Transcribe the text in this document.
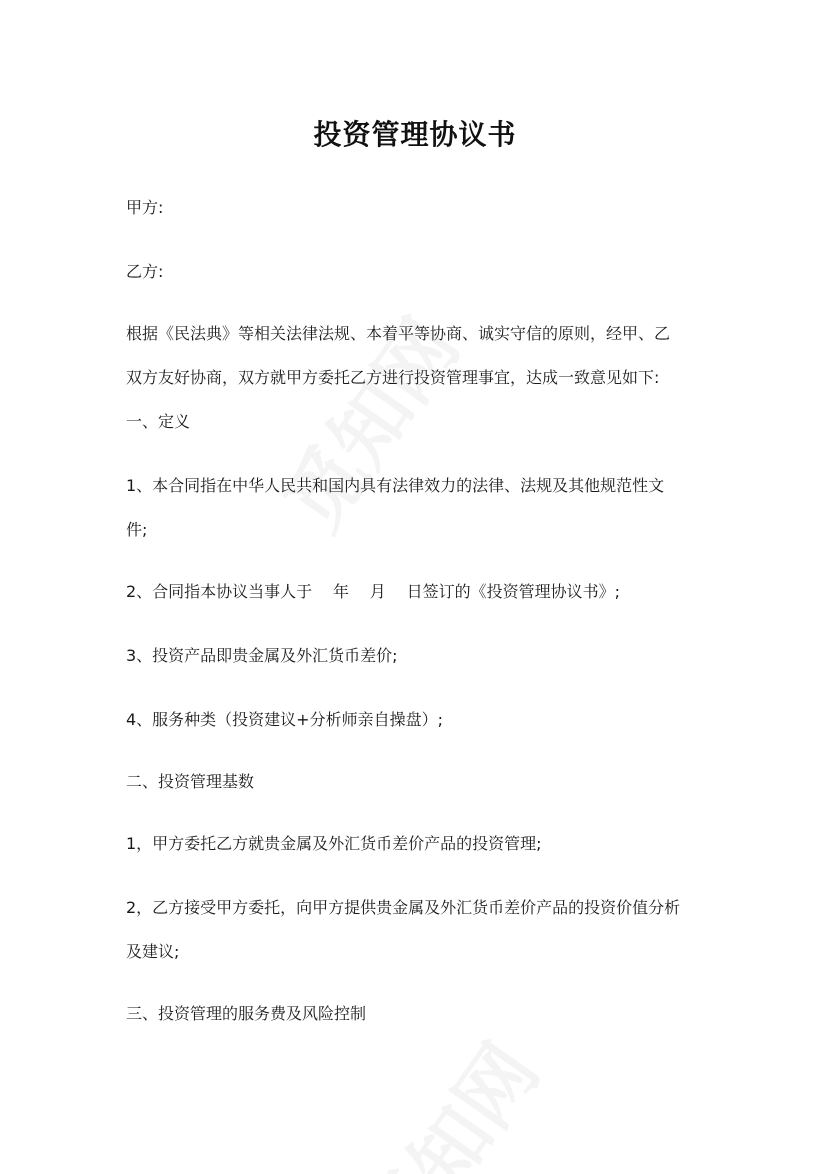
投资管理协议书
甲方:
乙方:
根据《民法典》等相关法律法规、本着平等协商、诚实守信的原则，经甲、乙
双方友好协商，双方就甲方委托乙方进行投资管理事宜，达成一致意见如下:
一、定义
1、本合同指在中华人民共和国内具有法律效力的法律、法规及其他规范性文
件;
2、合同指本协议当事人于 年 月 日签订的《投资管理协议书》;
3、投资产品即贵金属及外汇货币差价;
4、服务种类（投资建议+分析师亲自操盘）;
二、投资管理基数
1，甲方委托乙方就贵金属及外汇货币差价产品的投资管理;
2，乙方接受甲方委托，向甲方提供贵金属及外汇货币差价产品的投资价值分析
及建议;
三、投资管理的服务费及风险控制
